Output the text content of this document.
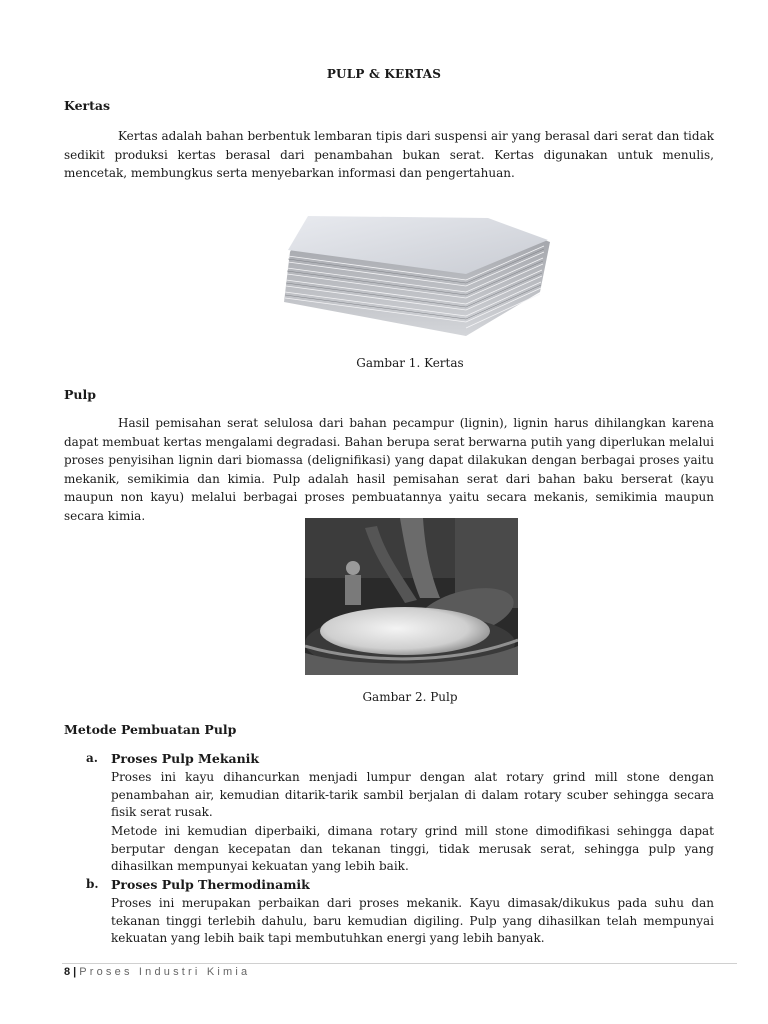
PULP & KERTAS
Kertas

Kertas adalah bahan berbentuk lembaran tipis dari suspensi air yang berasal dari serat dan tidak sedikit produksi kertas berasal dari penambahan bukan serat. Kertas digunakan untuk menulis, mencetak, membungkus serta menyebarkan informasi dan pengertahuan.

Gambar 1. Kertas
Pulp

Hasil pemisahan serat selulosa dari bahan pecampur (lignin), lignin harus dihilangkan karena dapat membuat kertas mengalami degradasi. Bahan berupa serat berwarna putih yang diperlukan melalui proses penyisihan lignin dari biomassa (delignifikasi) yang dapat dilakukan dengan berbagai proses yaitu mekanik, semikimia dan kimia. Pulp adalah hasil pemisahan serat dari bahan baku berserat (kayu maupun non kayu) melalui berbagai proses pembuatannya yaitu secara mekanis, semikimia maupun secara kimia.

Gambar 2. Pulp
Metode Pembuatan Pulp
a. Proses Pulp Mekanik

Proses ini kayu dihancurkan menjadi lumpur dengan alat rotary grind mill stone dengan penambahan air, kemudian ditarik-tarik sambil berjalan di dalam rotary scuber sehingga secara fisik serat rusak.

Metode ini kemudian diperbaiki, dimana rotary grind mill stone dimodifikasi sehingga dapat berputar dengan kecepatan dan tekanan tinggi, tidak merusak serat, sehingga pulp yang dihasilkan mempunyai kekuatan yang lebih baik.

b. Proses Pulp Thermodinamik

Proses ini merupakan perbaikan dari proses mekanik. Kayu dimasak/dikukus pada suhu dan tekanan tinggi terlebih dahulu, baru kemudian digiling. Pulp yang dihasilkan telah mempunyai kekuatan yang lebih baik tapi membutuhkan energi yang lebih banyak.

8 | Proses Industri Kimia
